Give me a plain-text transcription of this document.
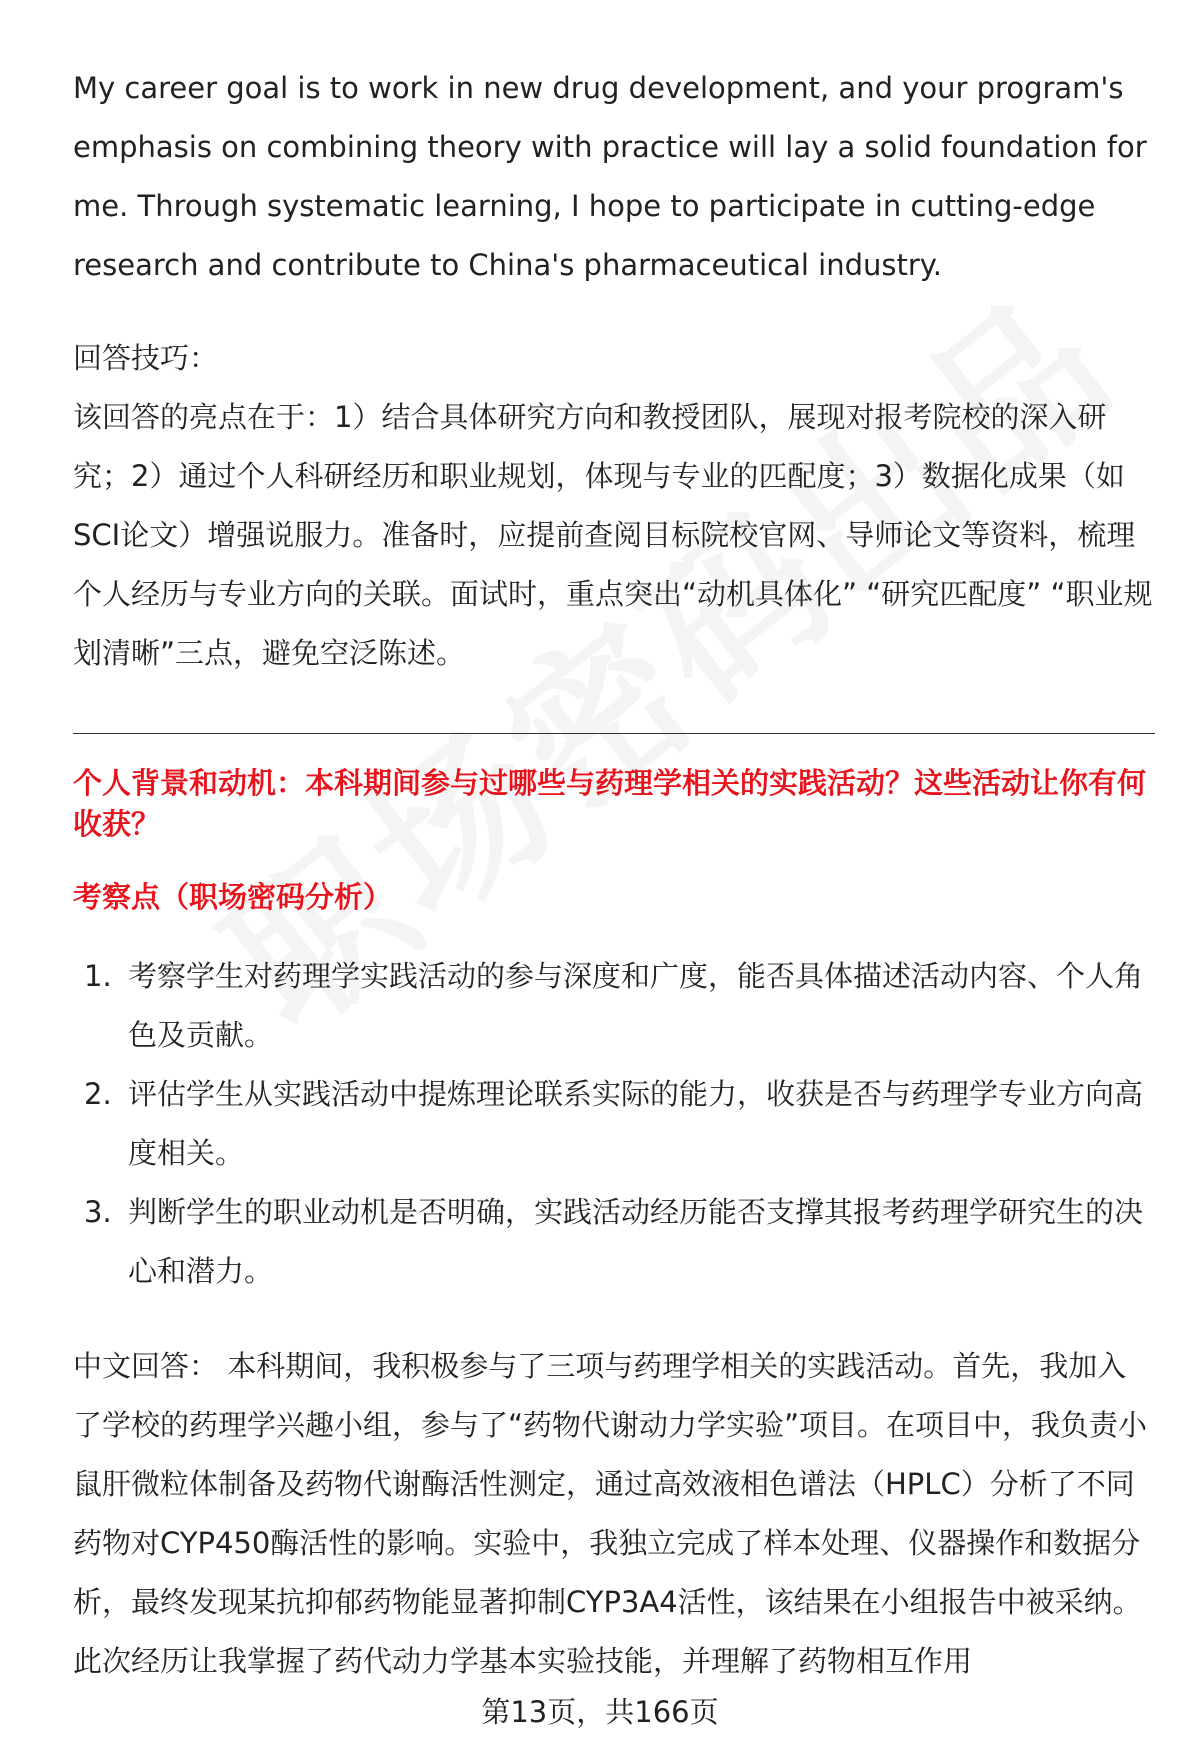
My career goal is to work in new drug development, and your program's emphasis on combining theory with practice will lay a solid foundation for me. Through systematic learning, I hope to participate in cutting-edge research and contribute to China's pharmaceutical industry.

回答技巧：

该回答的亮点在于：1）结合具体研究方向和教授团队，展现对报考院校的深入研究；2）通过个人科研经历和职业规划，体现与专业的匹配度；3）数据化成果（如SCI论文）增强说服力。准备时，应提前查阅目标院校官网、导师论文等资料，梳理个人经历与专业方向的关联。面试时，重点突出“动机具体化” “研究匹配度” “职业规划清晰”三点，避免空泛陈述。

个人背景和动机：本科期间参与过哪些与药理学相关的实践活动？这些活动让你有何收获？

考察点（职场密码分析）

1. 考察学生对药理学实践活动的参与深度和广度，能否具体描述活动内容、个人角色及贡献。
2. 评估学生从实践活动中提炼理论联系实际的能力，收获是否与药理学专业方向高度相关。
3. 判断学生的职业动机是否明确，实践活动经历能否支撑其报考药理学研究生的决心和潜力。

中文回答： 本科期间，我积极参与了三项与药理学相关的实践活动。首先，我加入了学校的药理学兴趣小组，参与了“药物代谢动力学实验”项目。在项目中，我负责小鼠肝微粒体制备及药物代谢酶活性测定，通过高效液相色谱法（HPLC）分析了不同药物对CYP450酶活性的影响。实验中，我独立完成了样本处理、仪器操作和数据分析，最终发现某抗抑郁药物能显著抑制CYP3A4活性，该结果在小组报告中被采纳。此次经历让我掌握了药代动力学基本实验技能，并理解了药物相互作用

第13页，共166页
